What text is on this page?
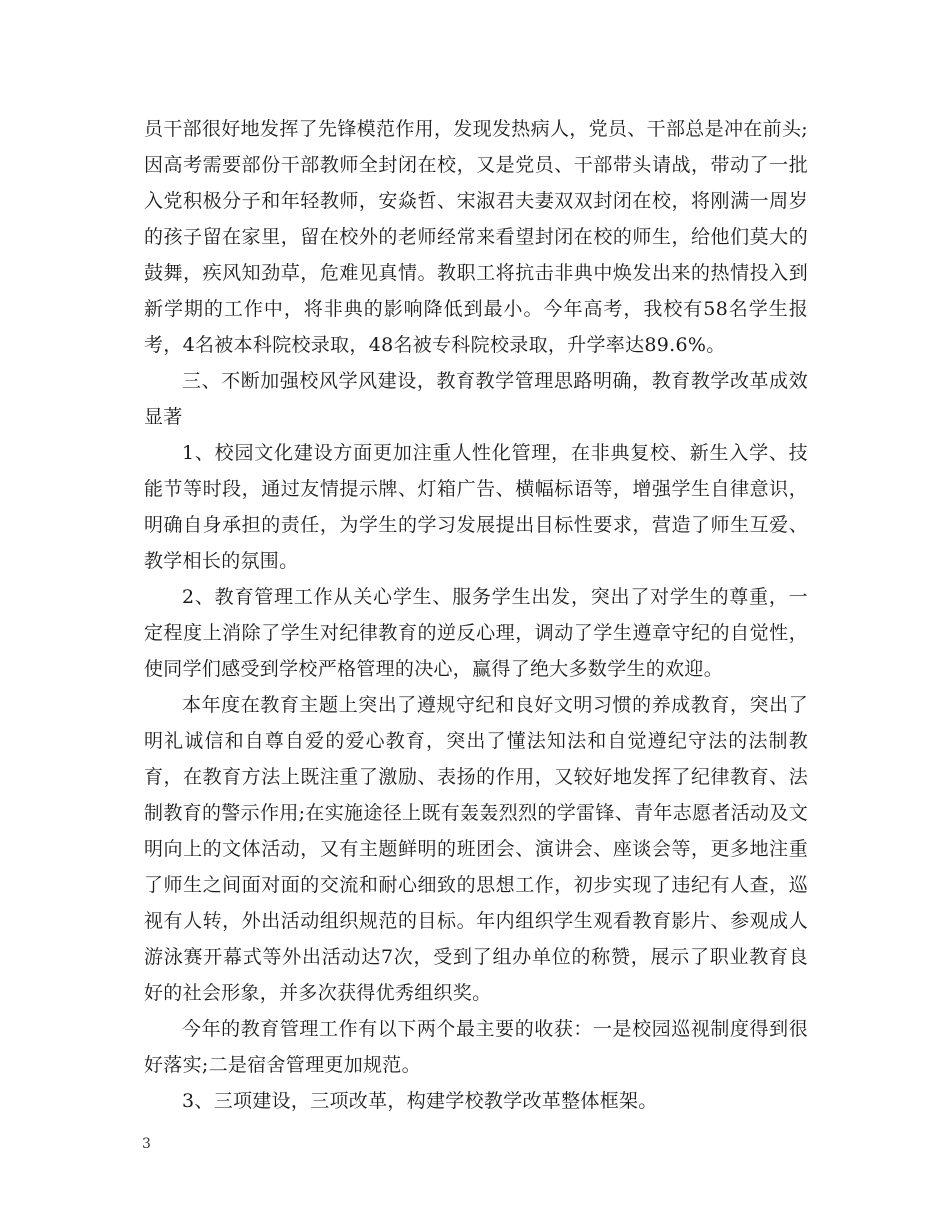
员干部很好地发挥了先锋模范作用，发现发热病人，党员、干部总是冲在前头;因高考需要部份干部教师全封闭在校，又是党员、干部带头请战，带动了一批入党积极分子和年轻教师，安焱哲、宋淑君夫妻双双封闭在校，将刚满一周岁的孩子留在家里，留在校外的老师经常来看望封闭在校的师生，给他们莫大的鼓舞，疾风知劲草，危难见真情。教职工将抗击非典中焕发出来的热情投入到新学期的工作中，将非典的影响降低到最小。今年高考，我校有58名学生报考，4名被本科院校录取，48名被专科院校录取，升学率达89.6%。

三、不断加强校风学风建设，教育教学管理思路明确，教育教学改革成效显著

1、校园文化建设方面更加注重人性化管理，在非典复校、新生入学、技能节等时段，通过友情提示牌、灯箱广告、横幅标语等，增强学生自律意识，明确自身承担的责任，为学生的学习发展提出目标性要求，营造了师生互爱、教学相长的氛围。

2、教育管理工作从关心学生、服务学生出发，突出了对学生的尊重，一定程度上消除了学生对纪律教育的逆反心理，调动了学生遵章守纪的自觉性，使同学们感受到学校严格管理的决心，赢得了绝大多数学生的欢迎。

本年度在教育主题上突出了遵规守纪和良好文明习惯的养成教育，突出了明礼诚信和自尊自爱的爱心教育，突出了懂法知法和自觉遵纪守法的法制教育，在教育方法上既注重了激励、表扬的作用，又较好地发挥了纪律教育、法制教育的警示作用;在实施途径上既有轰轰烈烈的学雷锋、青年志愿者活动及文明向上的文体活动，又有主题鲜明的班团会、演讲会、座谈会等，更多地注重了师生之间面对面的交流和耐心细致的思想工作，初步实现了违纪有人查，巡视有人转，外出活动组织规范的目标。年内组织学生观看教育影片、参观成人游泳赛开幕式等外出活动达7次，受到了组办单位的称赞，展示了职业教育良好的社会形象，并多次获得优秀组织奖。

今年的教育管理工作有以下两个最主要的收获：一是校园巡视制度得到很好落实;二是宿舍管理更加规范。

3、三项建设，三项改革，构建学校教学改革整体框架。

3
